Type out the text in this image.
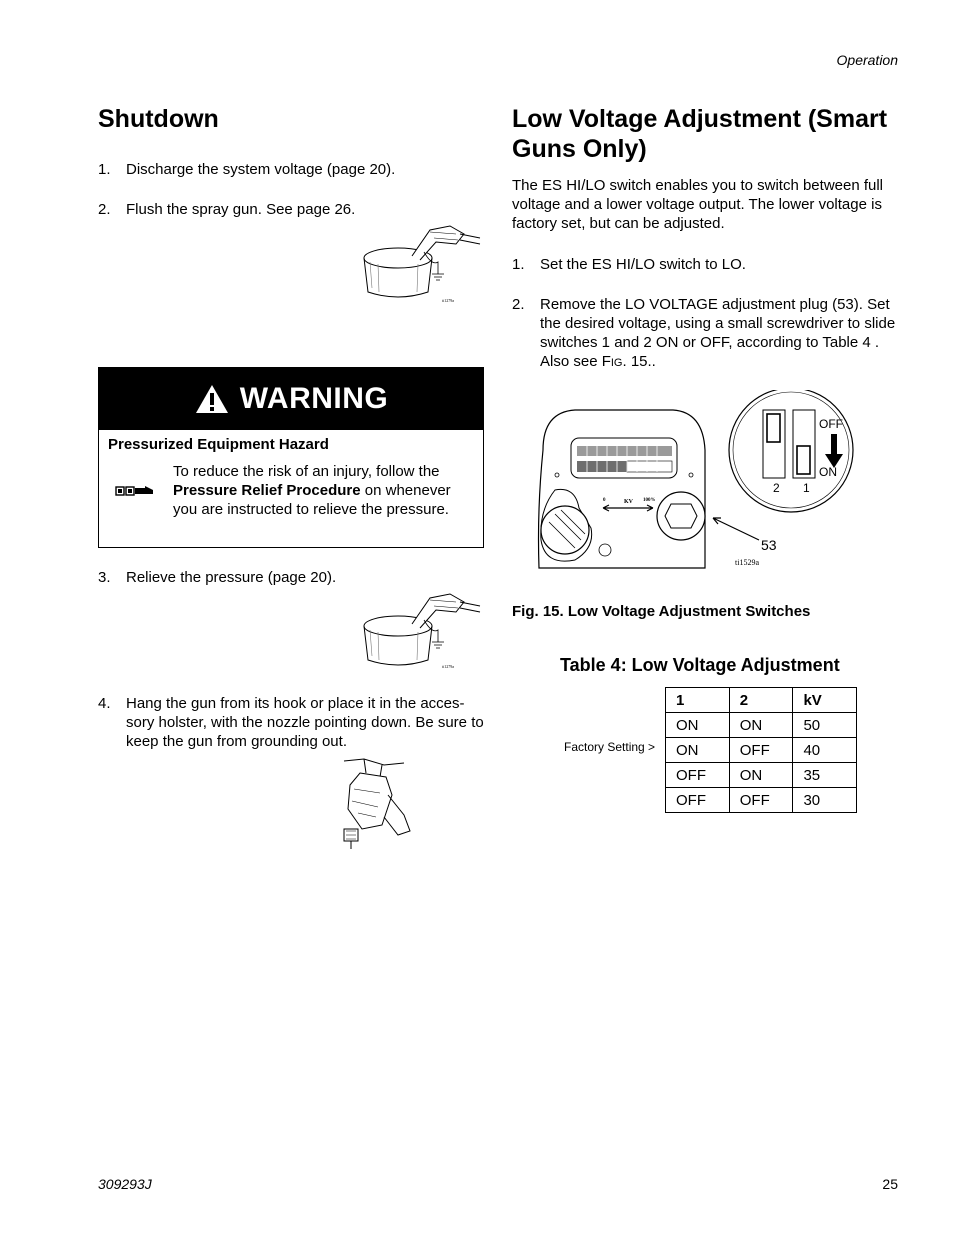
Operation
Shutdown
1.	Discharge the system voltage (page 20).
2.	Flush the spray gun. See page 26.
ti1279a
WARNING
Pressurized Equipment Hazard
To reduce the risk of an injury, follow the Pressure Relief Procedure on whenever you are instructed to relieve the pressure.
3.	Relieve the pressure (page 20).
ti1279a
4.	Hang the gun from its hook or place it in the acces-sory holster, with the nozzle pointing down. Be sure to keep the gun from grounding out.
Low Voltage Adjustment (Smart
Guns Only)
The ES HI/LO switch enables you to switch between full voltage and a lower voltage output. The lower voltage is factory set, but can be adjusted.
1.	Set the ES HI/LO switch to LO.
2.	Remove the LO VOLTAGE adjustment plug (53). Set the desired voltage, using a small screwdriver to slide switches 1 and 2 ON or OFF, according to Table 4 . Also see FIG. 15..
0	KV 100%
53
ti1529a
OFF
ON
2 1
Fig. 15. Low Voltage Adjustment Switches
Table 4: Low Voltage Adjustment
Factory Setting >
1	2	kV
ON	ON	50
ON	OFF	40
OFF	ON	35
OFF	OFF	30
309293J	25
